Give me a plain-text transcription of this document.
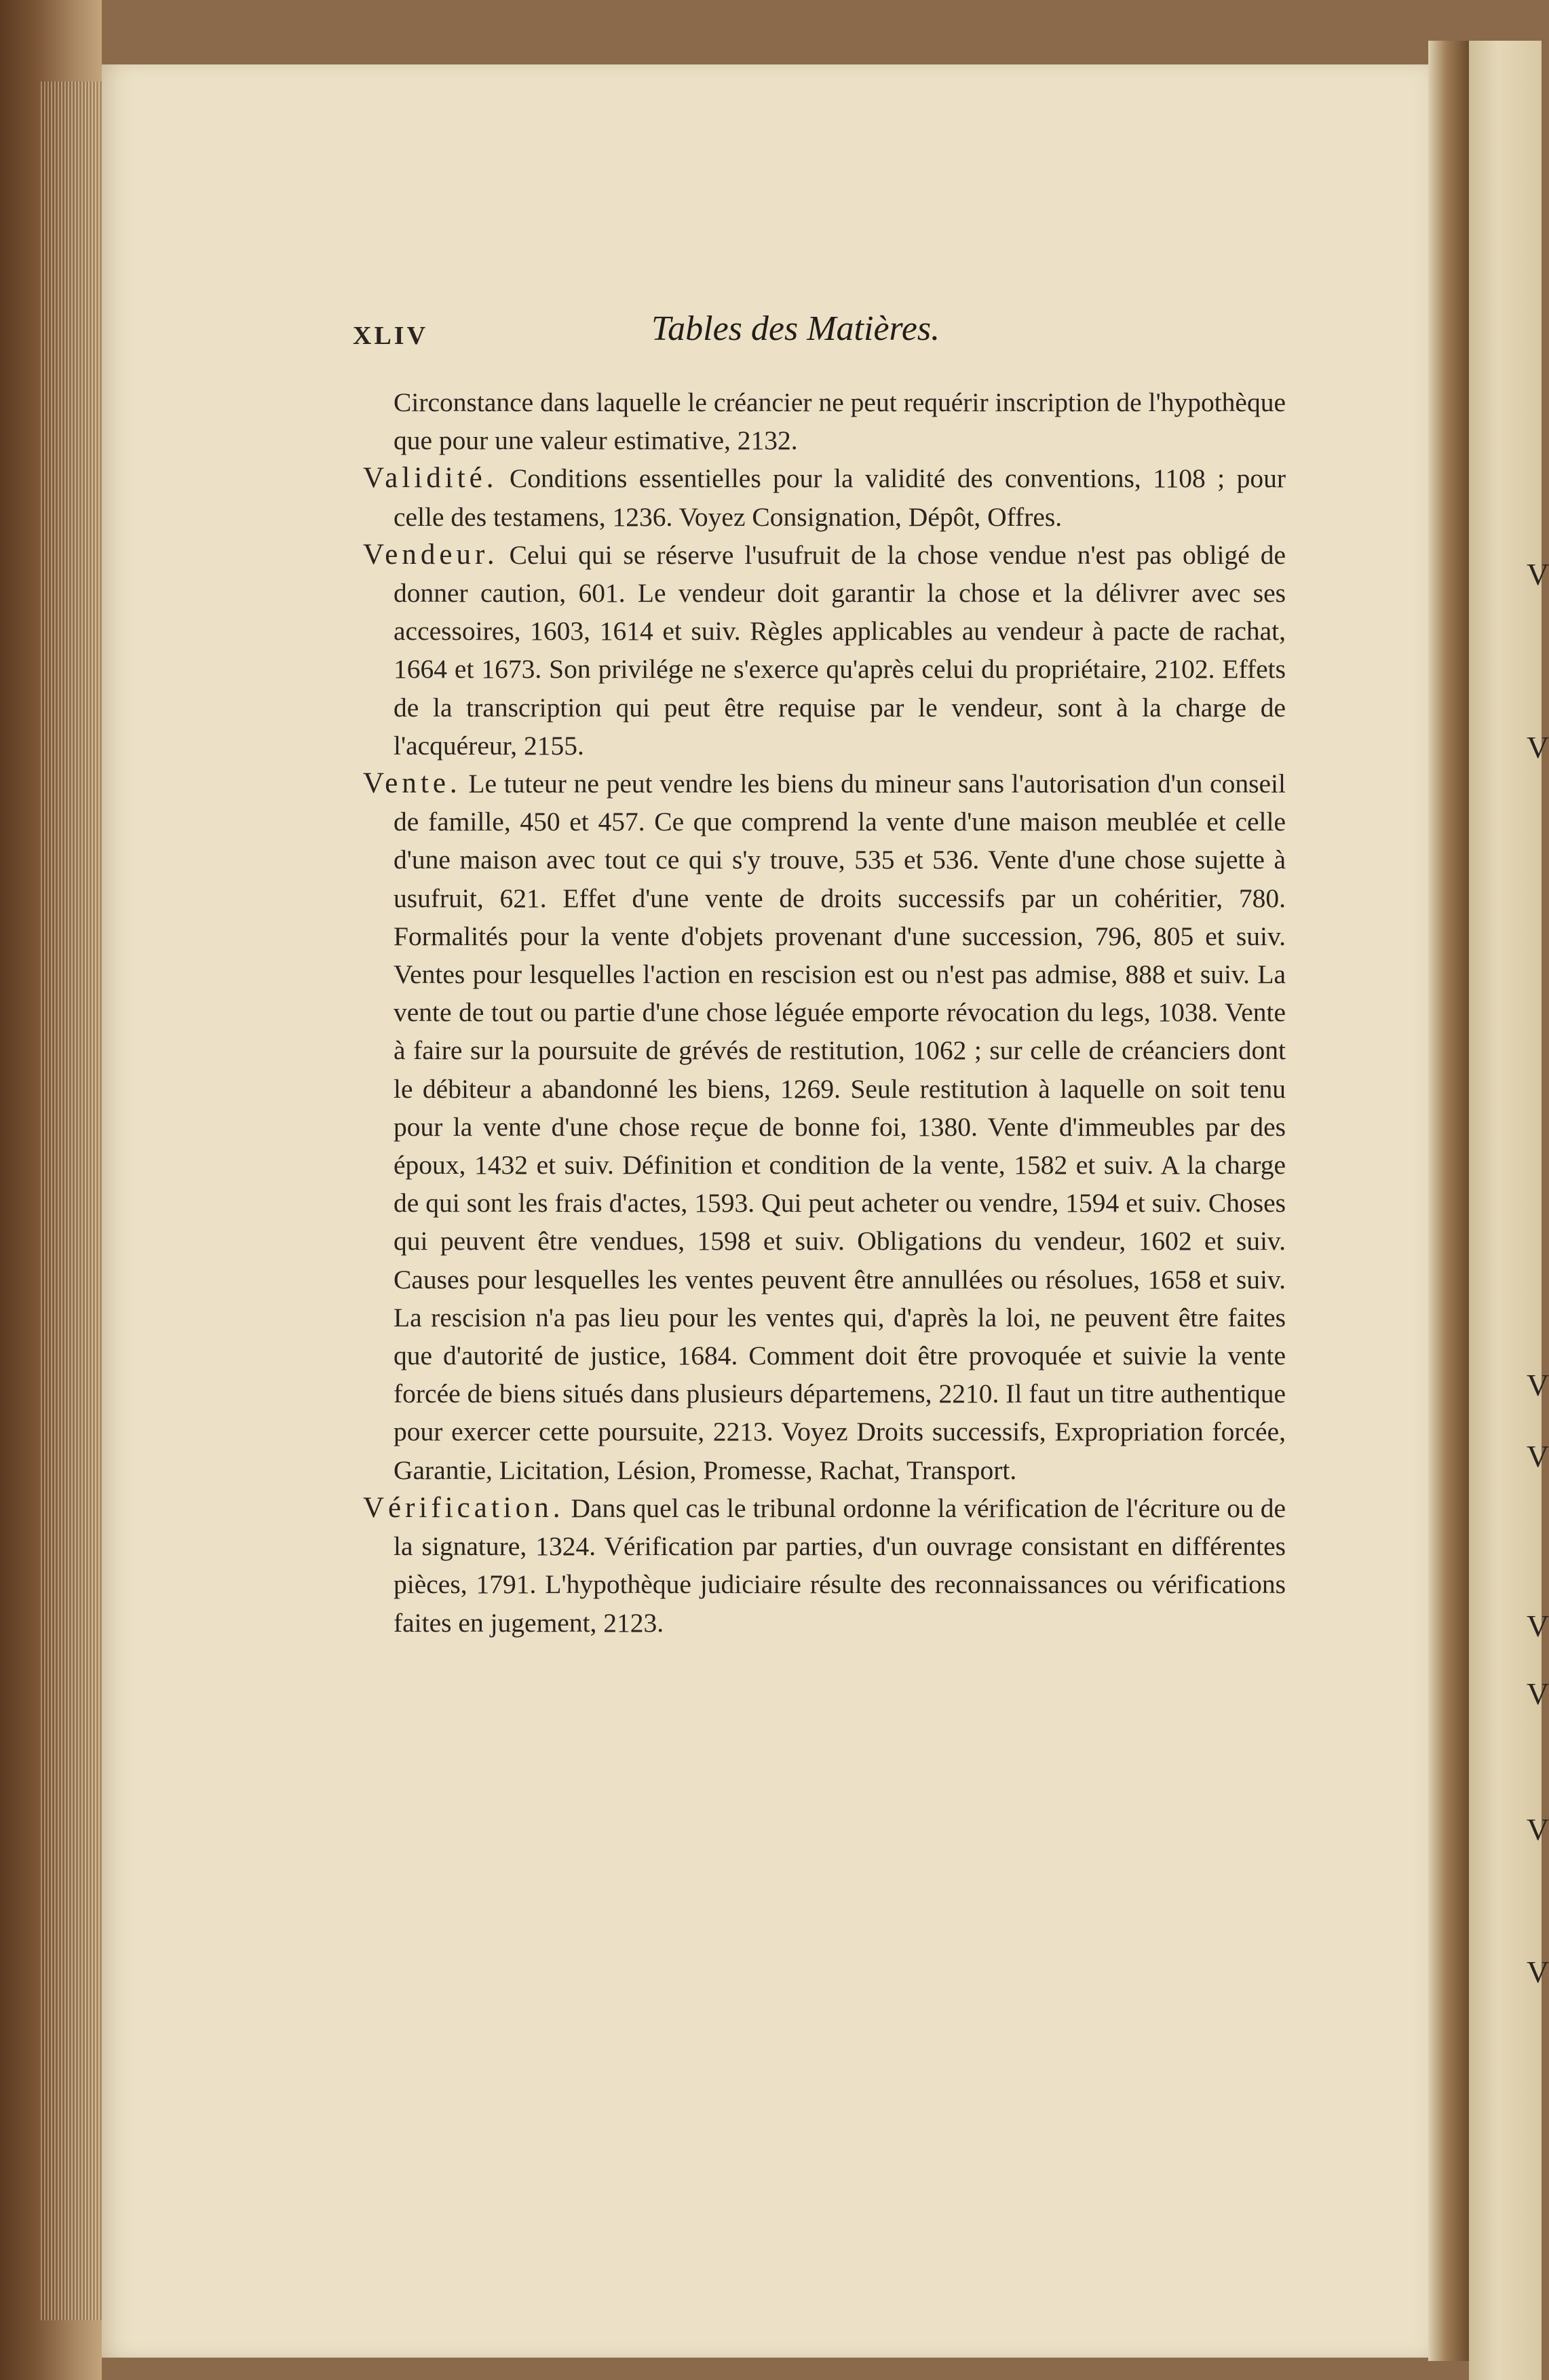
V
V
V
V
V
V
V
V
XLIV	Tables des Matières.

Circonstance dans laquelle le créancier ne peut requérir inscription de l'hypothèque que pour une valeur estimative, 2132.

Validité. Conditions essentielles pour la validité des conventions, 1108 ; pour celle des testamens, 1236. Voyez Consignation, Dépôt, Offres.

Vendeur. Celui qui se réserve l'usufruit de la chose vendue n'est pas obligé de donner caution, 601. Le vendeur doit garantir la chose et la délivrer avec ses accessoires, 1603, 1614 et suiv. Règles applicables au vendeur à pacte de rachat, 1664 et 1673. Son privilége ne s'exerce qu'après celui du propriétaire, 2102. Effets de la transcription qui peut être requise par le vendeur, sont à la charge de l'acquéreur, 2155.

Vente. Le tuteur ne peut vendre les biens du mineur sans l'autorisation d'un conseil de famille, 450 et 457. Ce que comprend la vente d'une maison meublée et celle d'une maison avec tout ce qui s'y trouve, 535 et 536. Vente d'une chose sujette à usufruit, 621. Effet d'une vente de droits successifs par un cohéritier, 780. Formalités pour la vente d'objets provenant d'une succession, 796, 805 et suiv. Ventes pour lesquelles l'action en rescision est ou n'est pas admise, 888 et suiv. La vente de tout ou partie d'une chose léguée emporte révocation du legs, 1038. Vente à faire sur la poursuite de grévés de restitution, 1062 ; sur celle de créanciers dont le débiteur a abandonné les biens, 1269. Seule restitution à laquelle on soit tenu pour la vente d'une chose reçue de bonne foi, 1380. Vente d'immeubles par des époux, 1432 et suiv. Définition et condition de la vente, 1582 et suiv. A la charge de qui sont les frais d'actes, 1593. Qui peut acheter ou vendre, 1594 et suiv. Choses qui peuvent être vendues, 1598 et suiv. Obligations du vendeur, 1602 et suiv. Causes pour lesquelles les ventes peuvent être annullées ou résolues, 1658 et suiv. La rescision n'a pas lieu pour les ventes qui, d'après la loi, ne peuvent être faites que d'autorité de justice, 1684. Comment doit être provoquée et suivie la vente forcée de biens situés dans plusieurs départemens, 2210. Il faut un titre authentique pour exercer cette poursuite, 2213. Voyez Droits successifs, Expropriation forcée, Garantie, Licitation, Lésion, Promesse, Rachat, Transport.

Vérification. Dans quel cas le tribunal ordonne la vérification de l'écriture ou de la signature, 1324. Vérification par parties, d'un ouvrage consistant en différentes pièces, 1791. L'hypothèque judiciaire résulte des reconnaissances ou vérifications faites en jugement, 2123.
